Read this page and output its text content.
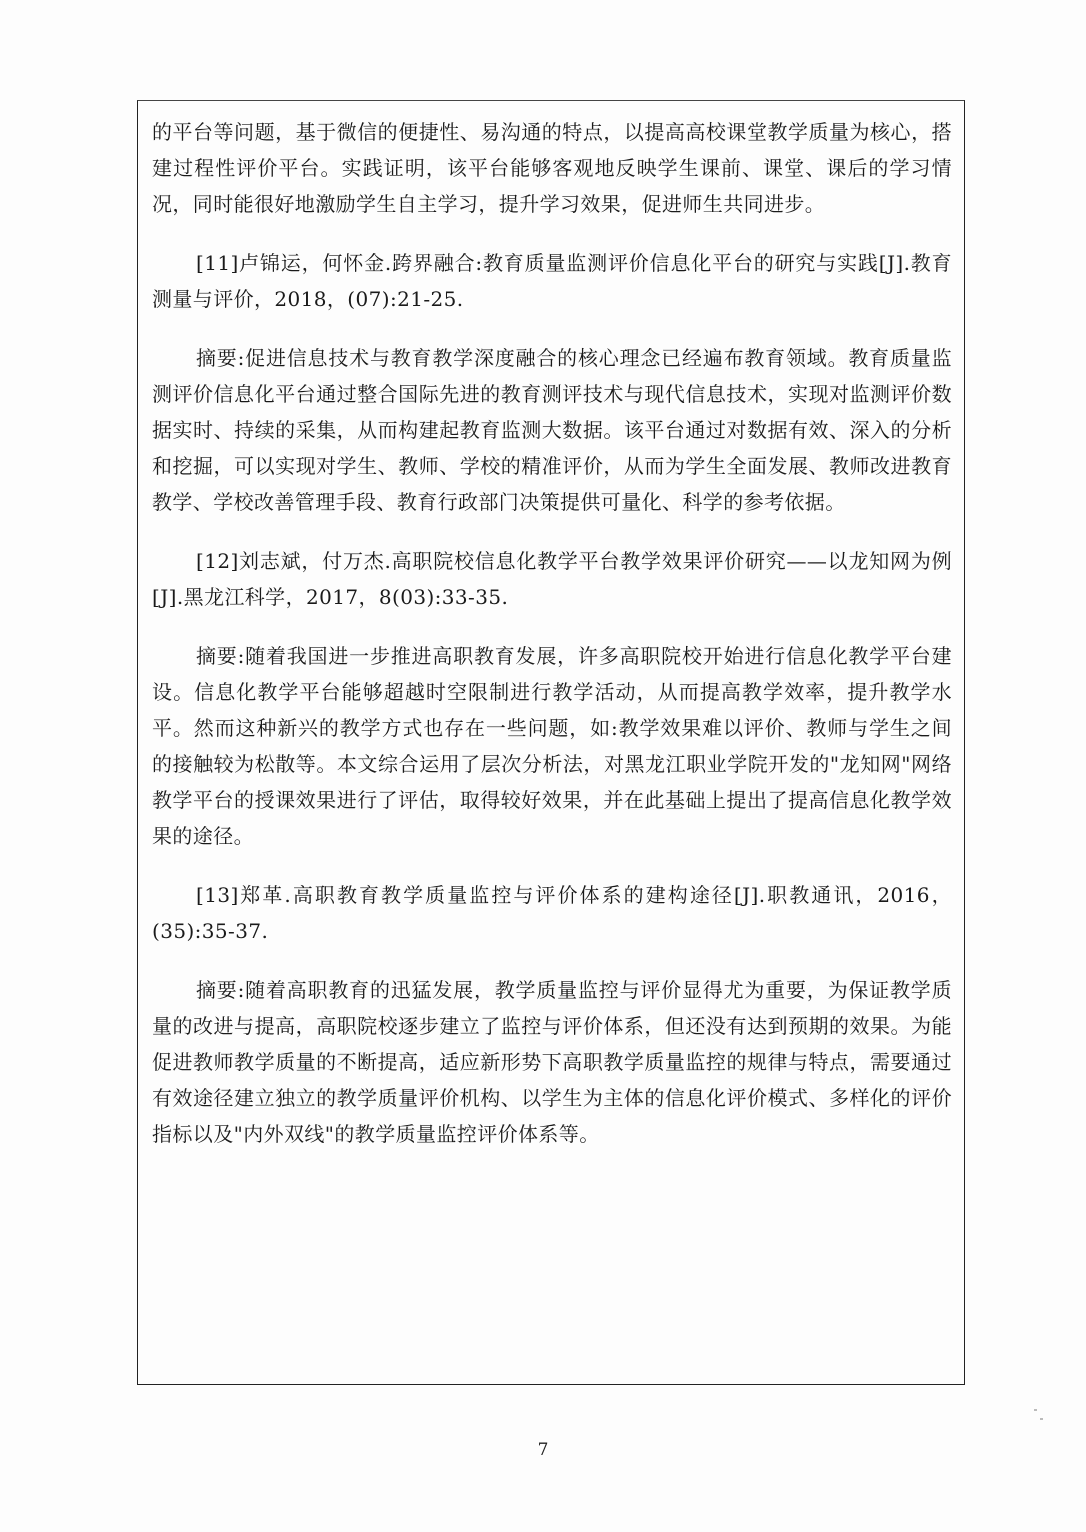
的平台等问题，基于微信的便捷性、易沟通的特点，以提高高校课堂教学质量为核心，搭建过程性评价平台。实践证明，该平台能够客观地反映学生课前、课堂、课后的学习情况，同时能很好地激励学生自主学习，提升学习效果，促进师生共同进步。

[11]卢锦运，何怀金.跨界融合:教育质量监测评价信息化平台的研究与实践[J].教育测量与评价，2018，(07):21-25.

摘要:促进信息技术与教育教学深度融合的核心理念已经遍布教育领域。教育质量监测评价信息化平台通过整合国际先进的教育测评技术与现代信息技术，实现对监测评价数据实时、持续的采集，从而构建起教育监测大数据。该平台通过对数据有效、深入的分析和挖掘，可以实现对学生、教师、学校的精准评价，从而为学生全面发展、教师改进教育教学、学校改善管理手段、教育行政部门决策提供可量化、科学的参考依据。

[12]刘志斌，付万杰.高职院校信息化教学平台教学效果评价研究——以龙知网为例[J].黑龙江科学，2017，8(03):33-35.

摘要:随着我国进一步推进高职教育发展，许多高职院校开始进行信息化教学平台建设。信息化教学平台能够超越时空限制进行教学活动，从而提高教学效率，提升教学水平。然而这种新兴的教学方式也存在一些问题，如:教学效果难以评价、教师与学生之间的接触较为松散等。本文综合运用了层次分析法，对黑龙江职业学院开发的"龙知网"网络教学平台的授课效果进行了评估，取得较好效果，并在此基础上提出了提高信息化教学效果的途径。

[13]郑革.高职教育教学质量监控与评价体系的建构途径[J].职教通讯，2016，(35):35-37.

摘要:随着高职教育的迅猛发展，教学质量监控与评价显得尤为重要，为保证教学质量的改进与提高，高职院校逐步建立了监控与评价体系，但还没有达到预期的效果。为能促进教师教学质量的不断提高，适应新形势下高职教学质量监控的规律与特点，需要通过有效途径建立独立的教学质量评价机构、以学生为主体的信息化评价模式、多样化的评价指标以及"内外双线"的教学质量监控评价体系等。

7
